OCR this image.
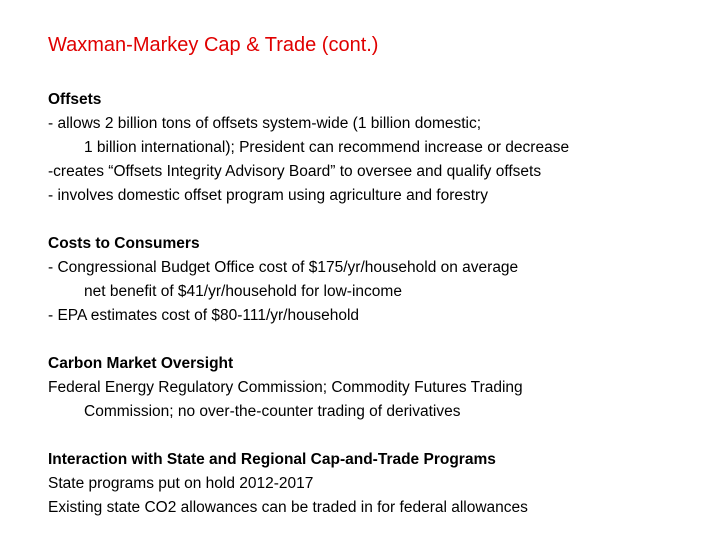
Waxman-Markey Cap & Trade (cont.)
Offsets
- allows 2 billion tons of offsets system-wide (1 billion domestic;
1 billion international); President can recommend increase or decrease
-creates “Offsets Integrity Advisory Board” to oversee and qualify offsets
- involves domestic offset program using agriculture and forestry
Costs to Consumers
- Congressional Budget Office cost of $175/yr/household on average
net benefit of $41/yr/household for low-income
- EPA estimates cost of $80-111/yr/household
Carbon Market Oversight
Federal Energy Regulatory Commission; Commodity Futures Trading
Commission; no over-the-counter trading of derivatives
Interaction with State and Regional Cap-and-Trade Programs
State programs put on hold 2012-2017
Existing state CO2 allowances can be traded in for federal allowances
